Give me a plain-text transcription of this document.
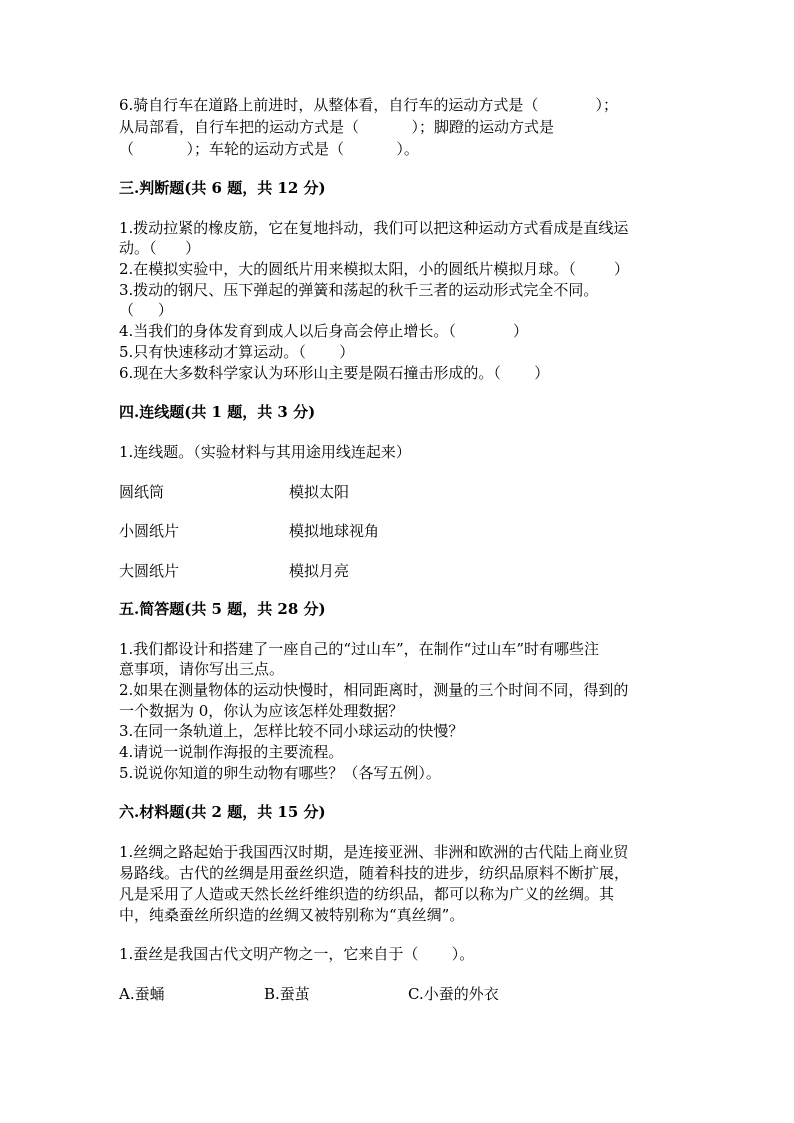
6.骑自行车在道路上前进时，从整体看，自行车的运动方式是（            ）；
从局部看，自行车把的运动方式是（           ）；脚蹬的运动方式是
（           ）；车轮的运动方式是（           ）。
三.判断题(共 6 题，共 12 分)
1.拨动拉紧的橡皮筋，它在复地抖动，我们可以把这种运动方式看成是直线运
动。（      ）
2.在模拟实验中，大的圆纸片用来模拟太阳，小的圆纸片模拟月球。（        ）
3.拨动的钢尺、压下弹起的弹簧和荡起的秋千三者的运动形式完全不同。
（     ）
4.当我们的身体发育到成人以后身高会停止增长。（            ）
5.只有快速移动才算运动。（       ）
6.现在大多数科学家认为环形山主要是陨石撞击形成的。（       ）
四.连线题(共 1 题，共 3 分)
1.连线题。（实验材料与其用途用线连起来）
圆纸筒	模拟太阳
小圆纸片	模拟地球视角
大圆纸片	模拟月亮
五.简答题(共 5 题，共 28 分)
1.我们都设计和搭建了一座自己的“过山车”，在制作“过山车”时有哪些注
意事项，请你写出三点。
2.如果在测量物体的运动快慢时，相同距离时，测量的三个时间不同，得到的
一个数据为 0，你认为应该怎样处理数据？
3.在同一条轨道上，怎样比较不同小球运动的快慢？
4.请说一说制作海报的主要流程。
5.说说你知道的卵生动物有哪些？（各写五例）。
六.材料题(共 2 题，共 15 分)
1.丝绸之路起始于我国西汉时期，是连接亚洲、非洲和欧洲的古代陆上商业贸
易路线。古代的丝绸是用蚕丝织造，随着科技的进步，纺织品原料不断扩展，
凡是采用了人造或天然长丝纤维织造的纺织品，都可以称为广义的丝绸。其
中，纯桑蚕丝所织造的丝绸又被特别称为“真丝绸”。
1.蚕丝是我国古代文明产物之一，它来自于（       ）。
A.蚕蛹	B.蚕茧	C.小蚕的外衣
